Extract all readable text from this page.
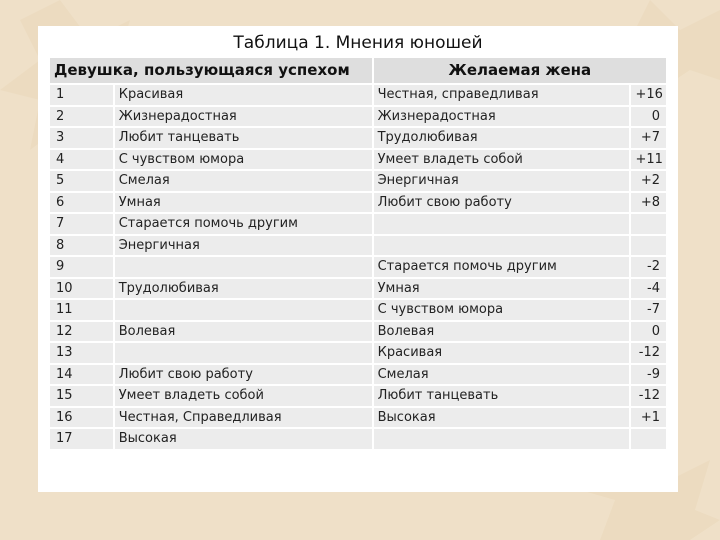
Таблица 1. Мнения юношей
Девушка, пользующаяся успехом		Желаемая жена	
1	Красивая	Честная, справедливая	+16
2	Жизнерадостная	Жизнерадостная	0
3	Любит танцевать	Трудолюбивая	+7
4	С чувством юмора	Умеет владеть собой	+11
5	Смелая	Энергичная	+2
6	Умная	Любит свою работу	+8
7	Старается помочь другим		
8	Энергичная		
9		Старается помочь другим	-2
10	Трудолюбивая	Умная	-4
11		С чувством юмора	-7
12	Волевая	Волевая	0
13		Красивая	-12
14	Любит свою работу	Смелая	-9
15	Умеет владеть собой	Любит танцевать	-12
16	Честная, Справедливая	Высокая	+1
17	Высокая		
